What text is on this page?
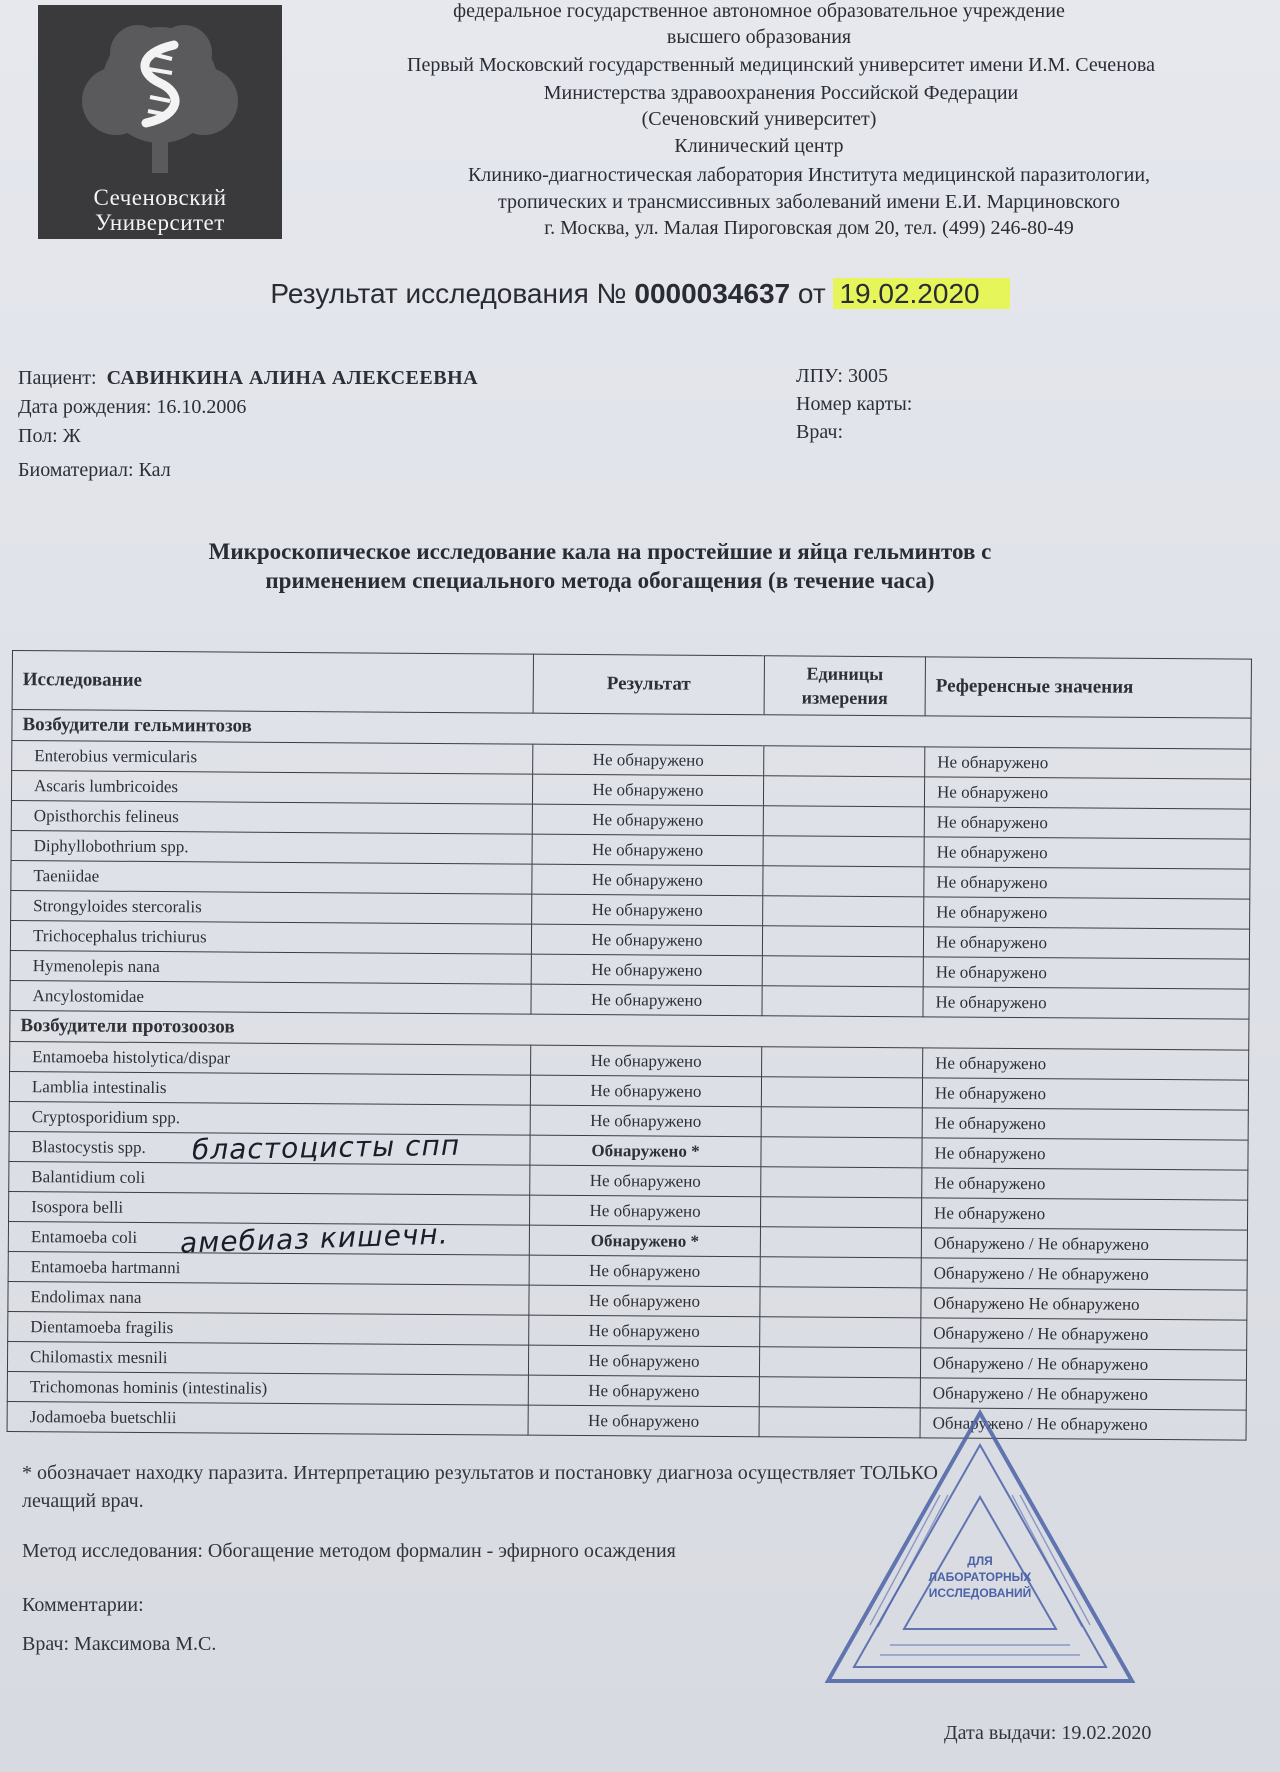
Сеченовский
Университет
федеральное государственное автономное образовательное учреждение
высшего образования
Первый Московский государственный медицинский университет имени И.М. Сеченова
Министерства здравоохранения Российской Федерации
(Сеченовский университет)
Клинический центр
Клинико-диагностическая лаборатория Института медицинской паразитологии,
тропических и трансмиссивных заболеваний имени Е.И. Марциновского
г. Москва, ул. Малая Пироговская дом 20, тел. (499) 246-80-49
Результат исследования № 0000034637 от 19.02.2020
Пациент: САВИНКИНА АЛИНА АЛЕКСЕЕВНА
Дата рождения: 16.10.2006
Пол: Ж
Биоматериал: Кал
ЛПУ: 3005
Номер карты:
Врач:
Микроскопическое исследование кала на простейшие и яйца гельминтов с
применением специального метода обогащения (в течение часа)
Исследование	Результат	Единицы
измерения	Референсные значения
Возбудители гельминтозов			
Enterobius vermicularis	Не обнаружено		Не обнаружено
Ascaris lumbricoides	Не обнаружено		Не обнаружено
Opisthorchis felineus	Не обнаружено		Не обнаружено
Diphyllobothrium spp.	Не обнаружено		Не обнаружено
Taeniidae	Не обнаружено		Не обнаружено
Strongyloides stercoralis	Не обнаружено		Не обнаружено
Trichocephalus trichiurus	Не обнаружено		Не обнаружено
Hymenolepis nana	Не обнаружено		Не обнаружено
Ancylostomidae	Не обнаружено		Не обнаружено
Возбудители протозоозов			
Entamoeba histolytica/dispar	Не обнаружено		Не обнаружено
Lamblia intestinalis	Не обнаружено		Не обнаружено
Cryptosporidium spp.	Не обнаружено		Не обнаружено
Blastocystis spp.	Обнаружено *		Не обнаружено
Balantidium coli	Не обнаружено		Не обнаружено
Isospora belli	Не обнаружено		Не обнаружено
Entamoeba coli	Обнаружено *		Обнаружено / Не обнаружено
Entamoeba hartmanni	Не обнаружено		Обнаружено / Не обнаружено
Endolimax nana	Не обнаружено		Обнаружено Не обнаружено
Dientamoeba fragilis	Не обнаружено		Обнаружено / Не обнаружено
Chilomastix mesnili	Не обнаружено		Обнаружено / Не обнаружено
Trichomonas hominis (intestinalis)	Не обнаружено		Обнаружено / Не обнаружено
Jodamoeba buetschlii	Не обнаружено		Обнаружено / Не обнаружено
бластоцисты спп
амебиаз кишечн.
* обозначает находку паразита. Интерпретацию результатов и постановку диагноза осуществляет ТОЛЬКО
лечащий врач.
Метод исследования: Обогащение методом формалин - эфирного осаждения
Комментарии:
Врач: Максимова М.С.
Дата выдачи: 19.02.2020
ДЛЯ
ЛАБОРАТОРНЫХ
ИССЛЕДОВАНИЙ
